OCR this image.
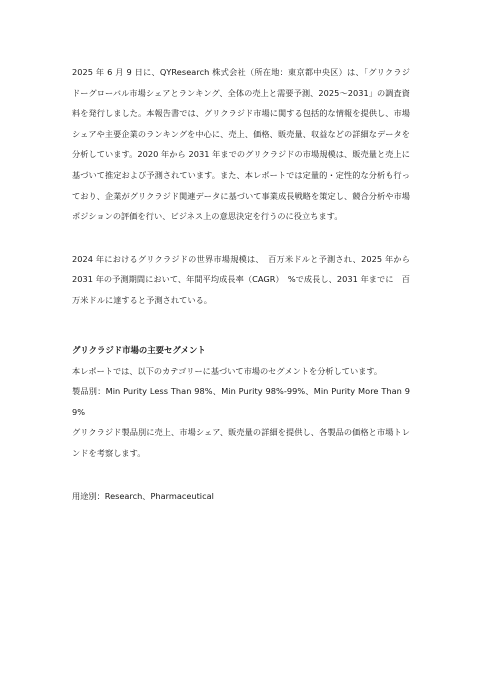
2025 年 6 月 9 日に、QYResearch 株式会社（所在地：東京都中央区）は、「グリクラジドーグローバル市場シェアとランキング、全体の売上と需要予測、2025～2031」の調査資料を発行しました。本報告書では、グリクラジド市場に関する包括的な情報を提供し、市場シェアや主要企業のランキングを中心に、売上、価格、販売量、収益などの詳細なデータを分析しています。2020 年から 2031 年までのグリクラジドの市場規模は、販売量と売上に基づいて推定および予測されています。また、本レポートでは定量的・定性的な分析も行っており、企業がグリクラジド関連データに基づいて事業成長戦略を策定し、競合分析や市場ポジションの評価を行い、ビジネス上の意思決定を行うのに役立ちます。

2024 年におけるグリクラジドの世界市場規模は、　百万米ドルと予測され、2025 年から 2031 年の予測期間において、年間平均成長率（CAGR）　%で成長し、2031 年までに　百万米ドルに達すると予測されている。

グリクラジド市場の主要セグメント

本レポートでは、以下のカテゴリーに基づいて市場のセグメントを分析しています。

製品別：Min Purity Less Than 98%、Min Purity 98%-99%、Min Purity More Than 99%

グリクラジド製品別に売上、市場シェア、販売量の詳細を提供し、各製品の価格と市場トレンドを考察します。

用途別：Research、Pharmaceutical
